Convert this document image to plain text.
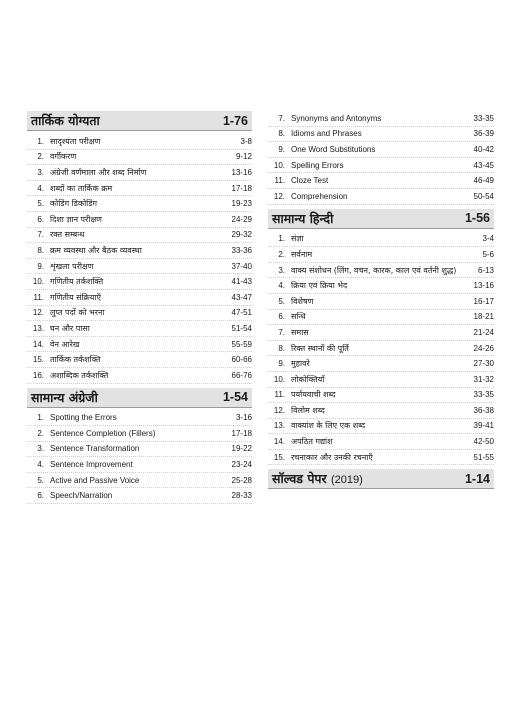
तार्किक योग्यता	1-76
1. सादृश्यता परीक्षण	3-8
2. वर्गीकरण	9-12
3. अंग्रेजी वर्णमाला और शब्द निर्माण	13-16
4. शब्दों का तार्किक क्रम	17-18
5. कोडिंग डिकोडिंग	19-23
6. दिशा ज्ञान परीक्षण	24-29
7. रक्त सम्बन्ध	29-32
8. क्रम व्यवस्था और बैठक व्यवस्था	33-36
9. शृंखला परीक्षण	37-40
10. गणितीय तर्कशक्ति	41-43
11. गणितीय संक्रियाएँ	43-47
12. लुप्त पदों को भरना	47-51
13. घन और पासा	51-54
14. वेन आरेख	55-59
15. तार्किक तर्कशक्ति	60-66
16. अशाब्दिक तर्कशक्ति	66-76
सामान्य अंग्रेजी	1-54
1. Spotting the Errors	3-16
2. Sentence Completion (Fillers)	17-18
3. Sentence Transformation	19-22
4. Sentence Improvement	23-24
5. Active and Passive Voice	25-28
6. Speech/Narration	28-33
7. Synonyms and Antonyms	33-35
8. Idioms and Phrases	36-39
9. One Word Substitutions	40-42
10. Spelling Errors	43-45
11. Cloze Test	46-49
12. Comprehension	50-54
सामान्य हिन्दी	1-56
1. संज्ञा	3-4
2. सर्वनाम	5-6
3. वाक्य संशोधन (लिंग, वचन, कारक, काल एवं वर्तनी शुद्ध)	6-13
4. क्रिया एवं क्रिया भेद	13-16
5. विशेषण	16-17
6. सन्धि	18-21
7. समास	21-24
8. रिक्त स्थानों की पूर्ति	24-26
9. मुहावरे	27-30
10. लोकोक्तियाँ	31-32
11. पर्यायवाची शब्द	33-35
12. विलोम शब्द	36-38
13. वाक्यांश के लिए एक शब्द	39-41
14. अपठित गद्यांश	42-50
15. रचनाकार और उनकी रचनाएँ	51-55
सॉल्वड पेपर (2019)	1-14
